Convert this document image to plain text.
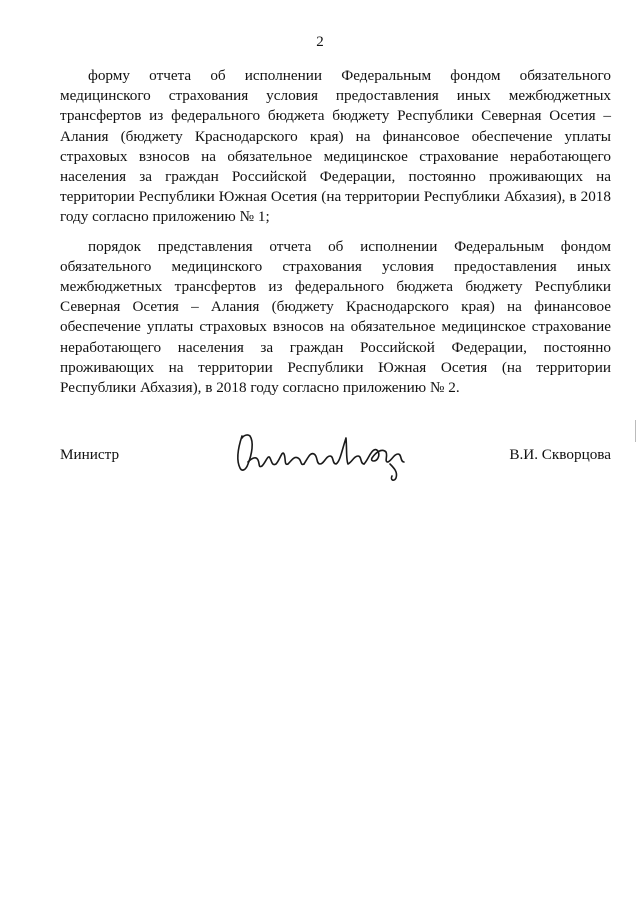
2

форму отчета об исполнении Федеральным фондом обязательного медицинского страхования условия предоставления иных межбюджетных трансфертов из федерального бюджета бюджету Республики Северная Осетия – Алания (бюджету Краснодарского края) на финансовое обеспечение уплаты страховых взносов на обязательное медицинское страхование неработающего населения за граждан Российской Федерации, постоянно проживающих на территории Республики Южная Осетия (на территории Республики Абхазия), в 2018 году согласно приложению № 1;

порядок представления отчета об исполнении Федеральным фондом обязательного медицинского страхования условия предоставления иных межбюджетных трансфертов из федерального бюджета бюджету Республики Северная Осетия – Алания (бюджету Краснодарского края) на финансовое обеспечение уплаты страховых взносов на обязательное медицинское страхование неработающего населения за граждан Российской Федерации, постоянно проживающих на территории Республики Южная Осетия (на территории Республики Абхазия), в 2018 году согласно приложению № 2.

Министр	В.И. Скворцова
